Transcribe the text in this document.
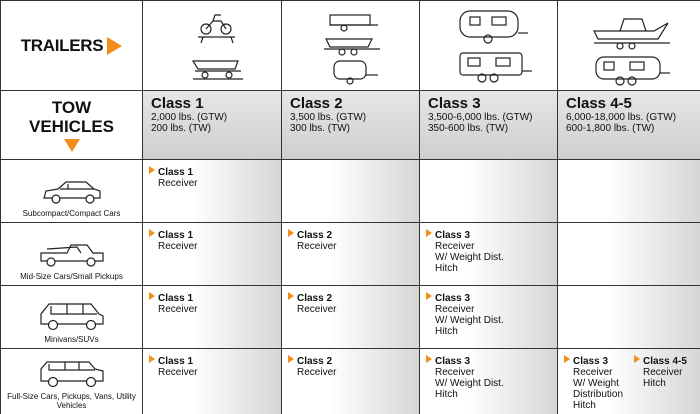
TRAILERS
TOW
VEHICLES
Class 1
2,000 lbs. (GTW)
200 lbs. (TW)
Class 2
3,500 lbs. (GTW)
300 lbs. (TW)
Class 3
3,500-6,000 lbs. (GTW)
350-600 lbs. (TW)
Class 4-5
6,000-18,000 lbs. (GTW)
600-1,800 lbs. (TW)
Subcompact/Compact Cars
Class 1
Receiver
Mid-Size Cars/Small Pickups
Class 1
Receiver
Class 2
Receiver
Class 3
Receiver
W/ Weight Dist.
Hitch
Minivans/SUVs
Class 1
Receiver
Class 2
Receiver
Class 3
Receiver
W/ Weight Dist.
Hitch
Full-Size Cars, Pickups, Vans, Utility Vehicles
Class 1
Receiver
Class 2
Receiver
Class 3
Receiver
W/ Weight Dist.
Hitch
Class 3
Receiver
W/ Weight
Distribution
Hitch
Class 4-5
Receiver
Hitch
